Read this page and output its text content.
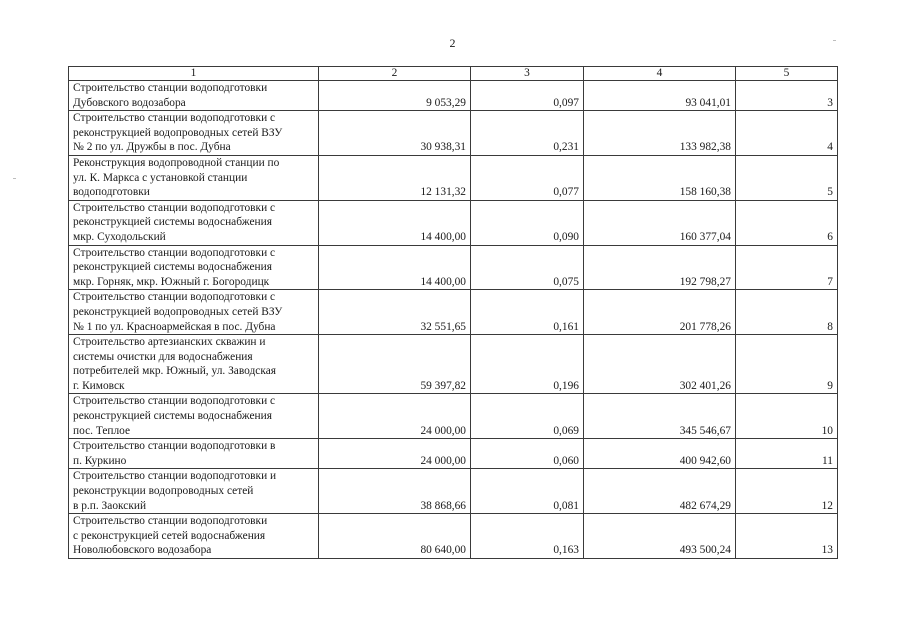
2
1	2	3	4	5
Строительство станции водоподготовки
Дубовского водозабора	9 053,29	0,097	93 041,01	3
Строительство станции водоподготовки с
реконструкцией водопроводных сетей ВЗУ
№ 2 по ул. Дружбы в пос. Дубна	30 938,31	0,231	133 982,38	4
Реконструкция водопроводной станции по
ул. К. Маркса с установкой станции
водоподготовки	12 131,32	0,077	158 160,38	5
Строительство станции водоподготовки с
реконструкцией системы водоснабжения
мкр. Суходольский	14 400,00	0,090	160 377,04	6
Строительство станции водоподготовки с
реконструкцией системы водоснабжения
мкр. Горняк, мкр. Южный г. Богородицк	14 400,00	0,075	192 798,27	7
Строительство станции водоподготовки с
реконструкцией водопроводных сетей ВЗУ
№ 1 по ул. Красноармейская в пос. Дубна	32 551,65	0,161	201 778,26	8
Строительство артезианских скважин и
системы очистки для водоснабжения
потребителей мкр. Южный, ул. Заводская
г. Кимовск	59 397,82	0,196	302 401,26	9
Строительство станции водоподготовки с
реконструкцией системы водоснабжения
пос. Теплое	24 000,00	0,069	345 546,67	10
Строительство станции водоподготовки в
п. Куркино	24 000,00	0,060	400 942,60	11
Строительство станции водоподготовки и
реконструкции водопроводных сетей
в р.п. Заокский	38 868,66	0,081	482 674,29	12
Строительство станции водоподготовки
с реконструкцией сетей водоснабжения
Новолюбовского водозабора	80 640,00	0,163	493 500,24	13
